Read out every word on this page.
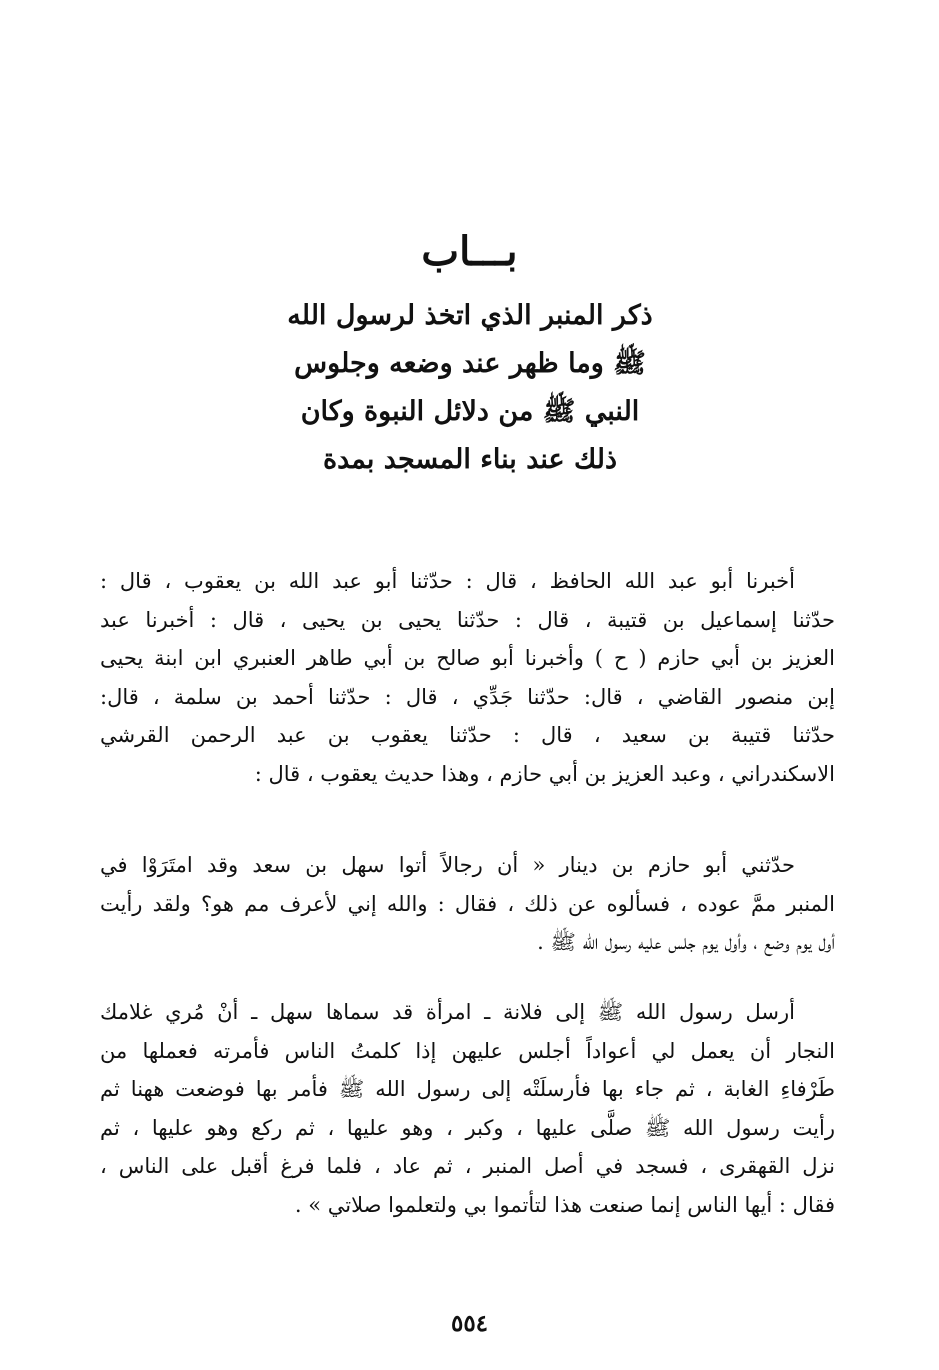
بـــاب
ذكر المنبر الذي اتخذ لرسول الله
ﷺ وما ظهر عند وضعه وجلوس
النبي ﷺ من دلائل النبوة وكان
ذلك عند بناء المسجد بمدة
أخبرنا أبو عبد الله الحافظ ، قال : حدّثنا أبو عبد الله بن يعقوب ، قال :
حدّثنا إسماعيل بن قتيبة ، قال : حدّثنا يحيى بن يحيى ، قال : أخبرنا عبد
العزيز بن أبي حازم ( ح ) وأخبرنا أبو صالح بن أبي طاهر العنبري ابن ابنة يحيى
إبن منصور القاضي ، قال: حدّثنا جَدِّي ، قال : حدّثنا أحمد بن سلمة ، قال:
حدّثنا قتيبة بن سعيد ، قال : حدّثنا يعقوب بن عبد الرحمن القرشي
الاسكندراني ، وعبد العزيز بن أبي حازم ، وهذا حديث يعقوب ، قال :
حدّثني أبو حازم بن دينار « أن رجالاً أتوا سهل بن سعد وقد امتَرَوْا في
المنبر ممَّ عوده ، فسألوه عن ذلك ، فقال : والله إني لأعرف مم هو؟ ولقد رأيت
أول يوم وضع ، وأول يوم جلس عليه رسول الله ﷺ .
أرسل رسول الله ﷺ إلى فلانة ـ امرأة قد سماها سهل ـ أنْ مُري غلامك
النجار أن يعمل لي أعواداً أجلس عليهن إذا كلمتُ الناس فأمرته فعملها من
طَرْفاءِ الغابة ، ثم جاء بها فأرسلَتْه إلى رسول الله ﷺ فأمر بها فوضعت ههنا ثم
رأيت رسول الله ﷺ صلَّى عليها ، وكبر ، وهو عليها ، ثم ركع وهو عليها ، ثم
نزل القهقرى ، فسجد في أصل المنبر ، ثم عاد ، فلما فرغ أقبل على الناس ،
فقال : أيها الناس إنما صنعت هذا لتأتموا بي ولتعلموا صلاتي » .
٥٥٤
